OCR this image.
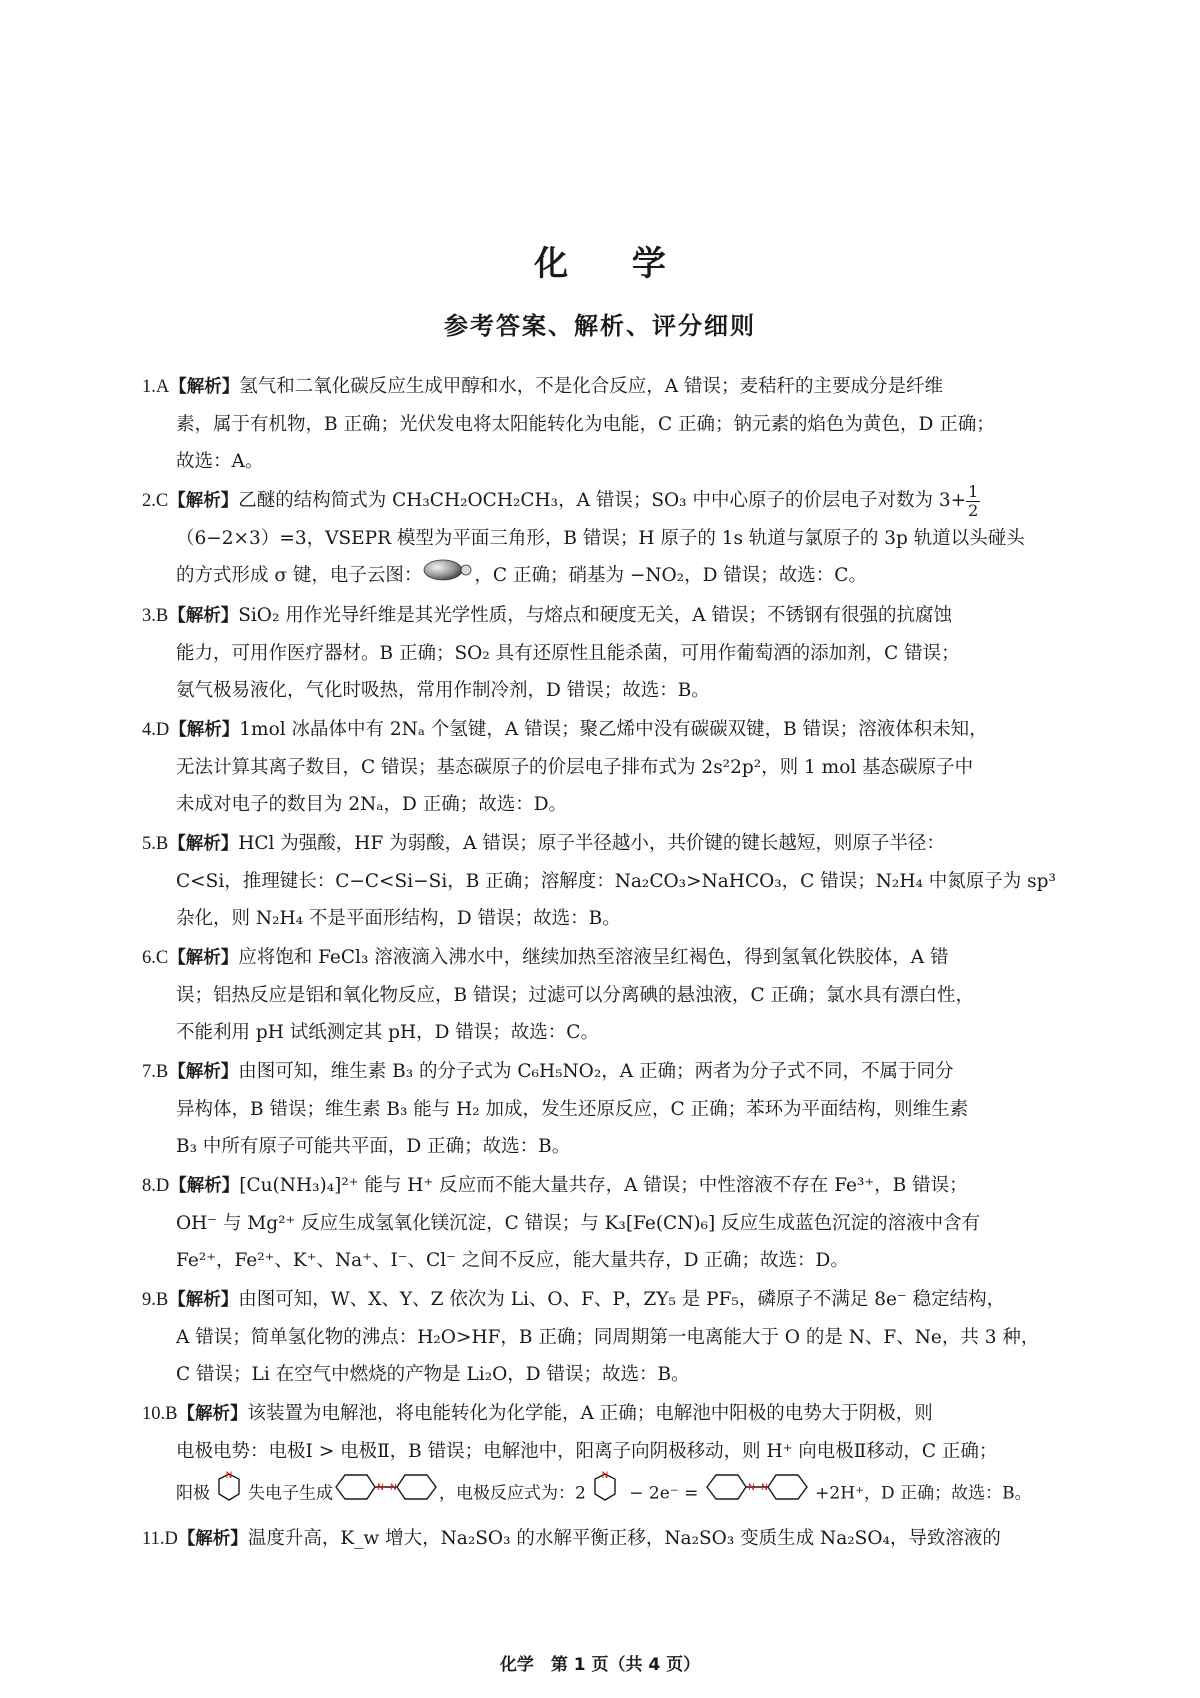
化 学
参考答案、解析、评分细则
1.A【解析】氢气和二氧化碳反应生成甲醇和水，不是化合反应，A 错误；麦秸秆的主要成分是纤维
素，属于有机物，B 正确；光伏发电将太阳能转化为电能，C 正确；钠元素的焰色为黄色，D 正确；
故选：A。
2.C【解析】乙醚的结构简式为 CH₃CH₂OCH₂CH₃，A 错误；SO₃ 中中心原子的价层电子对数为 $3+ \frac{1}{2}$
（6−2×3）=3，VSEPR 模型为平面三角形，B 错误；H 原子的 1s 轨道与氯原子的 3p 轨道以头碰头
的方式形成 σ 键，电子云图：	，C 正确；硝基为 −NO₂，D 错误；故选：C。
3.B【解析】SiO₂ 用作光导纤维是其光学性质，与熔点和硬度无关，A 错误；不锈钢有很强的抗腐蚀
能力，可用作医疗器材。B 正确；SO₂ 具有还原性且能杀菌，可用作葡萄酒的添加剂，C 错误；
氨气极易液化，气化时吸热，常用作制冷剂，D 错误；故选：B。
4.D【解析】1mol 冰晶体中有 2Nₐ 个氢键，A 错误；聚乙烯中没有碳碳双键，B 错误；溶液体积未知，
无法计算其离子数目，C 错误；基态碳原子的价层电子排布式为 2s²2p²，则 1 mol 基态碳原子中
未成对电子的数目为 2Nₐ，D 正确；故选：D。
5.B【解析】HCl 为强酸，HF 为弱酸，A 错误；原子半径越小，共价键的键长越短，则原子半径：
C<Si，推理键长：C−C<Si−Si，B 正确；溶解度：Na₂CO₃>NaHCO₃，C 错误；N₂H₄ 中氮原子为 sp³
杂化，则 N₂H₄ 不是平面形结构，D 错误；故选：B。
6.C【解析】应将饱和 FeCl₃ 溶液滴入沸水中，继续加热至溶液呈红褐色，得到氢氧化铁胶体，A 错
误；铝热反应是铝和氧化物反应，B 错误；过滤可以分离碘的悬浊液，C 正确；氯水具有漂白性，
不能利用 pH 试纸测定其 pH，D 错误；故选：C。
7.B【解析】由图可知，维生素 B₃ 的分子式为 C₆H₅NO₂，A 正确；两者为分子式不同，不属于同分
异构体，B 错误；维生素 B₃ 能与 H₂ 加成，发生还原反应，C 正确；苯环为平面结构，则维生素
B₃ 中所有原子可能共平面，D 正确；故选：B。
8.D【解析】[Cu(NH₃)₄]²⁺ 能与 H⁺ 反应而不能大量共存，A 错误；中性溶液不存在 Fe³⁺，B 错误；
OH⁻ 与 Mg²⁺ 反应生成氢氧化镁沉淀，C 错误；与 K₃[Fe(CN)₆] 反应生成蓝色沉淀的溶液中含有
Fe²⁺，Fe²⁺、K⁺、Na⁺、I⁻、Cl⁻ 之间不反应，能大量共存，D 正确；故选：D。
9.B【解析】由图可知，W、X、Y、Z 依次为 Li、O、F、P，ZY₅ 是 PF₅，磷原子不满足 8e⁻ 稳定结构，
A 错误；简单氢化物的沸点：H₂O>HF，B 正确；同周期第一电离能大于 O 的是 N、F、Ne，共 3 种，
C 错误；Li 在空气中燃烧的产物是 Li₂O，D 错误；故选：B。
10.B【解析】该装置为电解池，将电能转化为化学能，A 正确；电解池中阳极的电势大于阴极，则
电极电势：电极Ⅰ > 电极Ⅱ，B 错误；电解池中，阳离子向阴极移动，则 H⁺ 向电极Ⅱ移动，C 正确；
阳极
N
失电子生成	N N ，电极反应式为：2
N
− 2e⁻ =	N N +2H⁺，D 正确；故选：B。
11.D【解析】温度升高，K_w 增大，Na₂SO₃ 的水解平衡正移，Na₂SO₃ 变质生成 Na₂SO₄，导致溶液的
化学　第 1 页（共 4 页）
